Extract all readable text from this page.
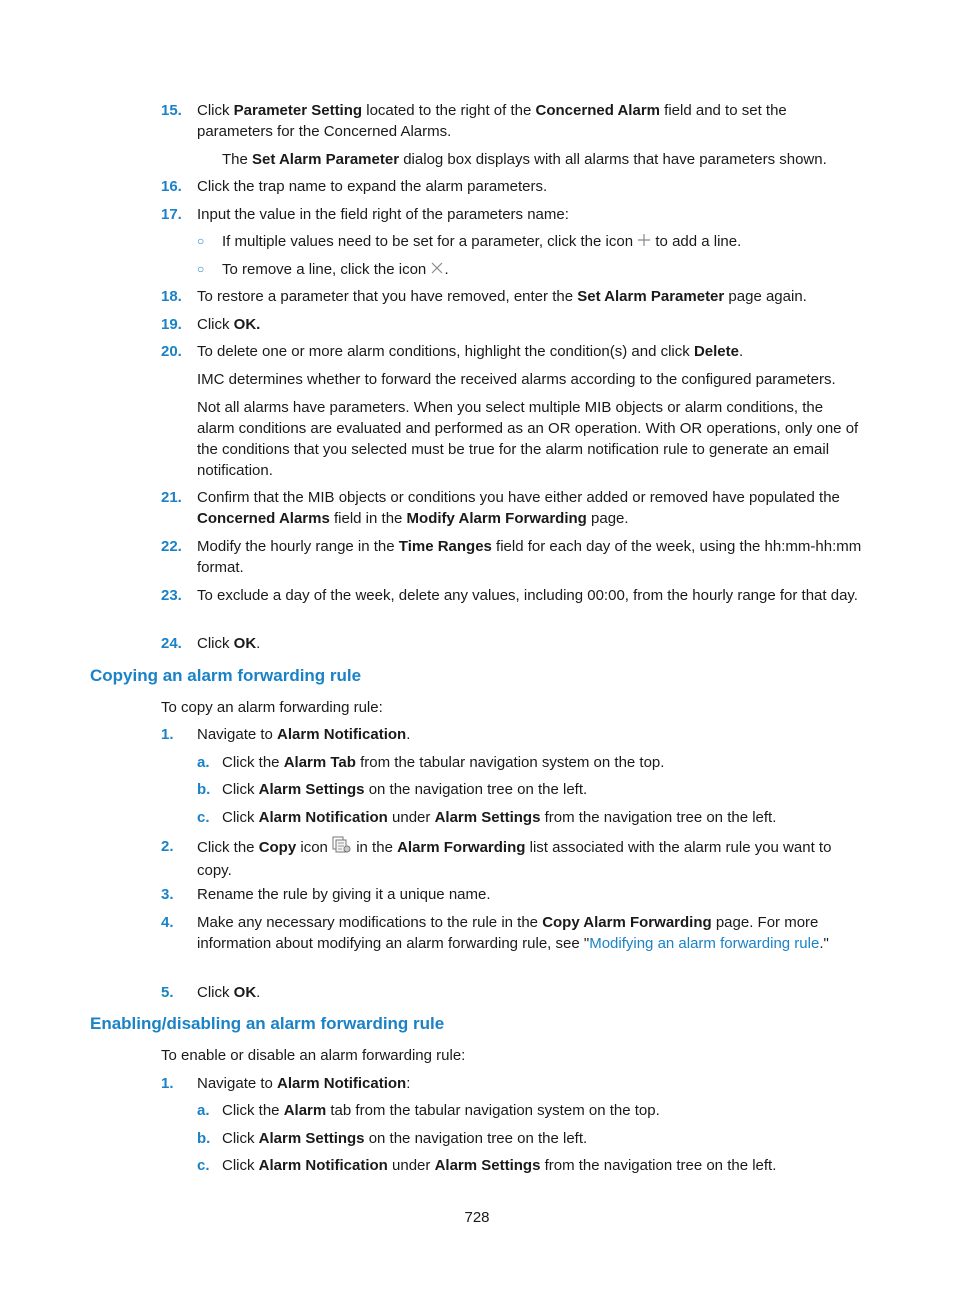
15.	Click Parameter Setting located to the right of the Concerned Alarm field and to set the parameters for the Concerned Alarms.
The Set Alarm Parameter dialog box displays with all alarms that have parameters shown.
16.	Click the trap name to expand the alarm parameters.
17.	Input the value in the field right of the parameters name:
○ If multiple values need to be set for a parameter, click the icon  to add a line.
○ To remove a line, click the icon .
18.	To restore a parameter that you have removed, enter the Set Alarm Parameter page again.
19.	Click OK.
20.	To delete one or more alarm conditions, highlight the condition(s) and click Delete.
IMC determines whether to forward the received alarms according to the configured parameters.
Not all alarms have parameters. When you select multiple MIB objects or alarm conditions, the alarm conditions are evaluated and performed as an OR operation. With OR operations, only one of the conditions that you selected must be true for the alarm notification rule to generate an email notification.
21.	Confirm that the MIB objects or conditions you have either added or removed have populated the Concerned Alarms field in the Modify Alarm Forwarding page.
22.	Modify the hourly range in the Time Ranges field for each day of the week, using the hh:mm-hh:mm format.
23.	To exclude a day of the week, delete any values, including 00:00, from the hourly range for that day.
24.	Click OK.
Copying an alarm forwarding rule
To copy an alarm forwarding rule:
1.	Navigate to Alarm Notification.
a. Click the Alarm Tab from the tabular navigation system on the top.
b. Click Alarm Settings on the navigation tree on the left.
c. Click Alarm Notification under Alarm Settings from the navigation tree on the left.
2.	Click the Copy icon  in the Alarm Forwarding list associated with the alarm rule you want to copy.
3.	Rename the rule by giving it a unique name.
4.	Make any necessary modifications to the rule in the Copy Alarm Forwarding page. For more information about modifying an alarm forwarding rule, see "Modifying an alarm forwarding rule."
5.	Click OK.
Enabling/disabling an alarm forwarding rule
To enable or disable an alarm forwarding rule:
1.	Navigate to Alarm Notification:
a. Click the Alarm tab from the tabular navigation system on the top.
b. Click Alarm Settings on the navigation tree on the left.
c. Click Alarm Notification under Alarm Settings from the navigation tree on the left.
728
